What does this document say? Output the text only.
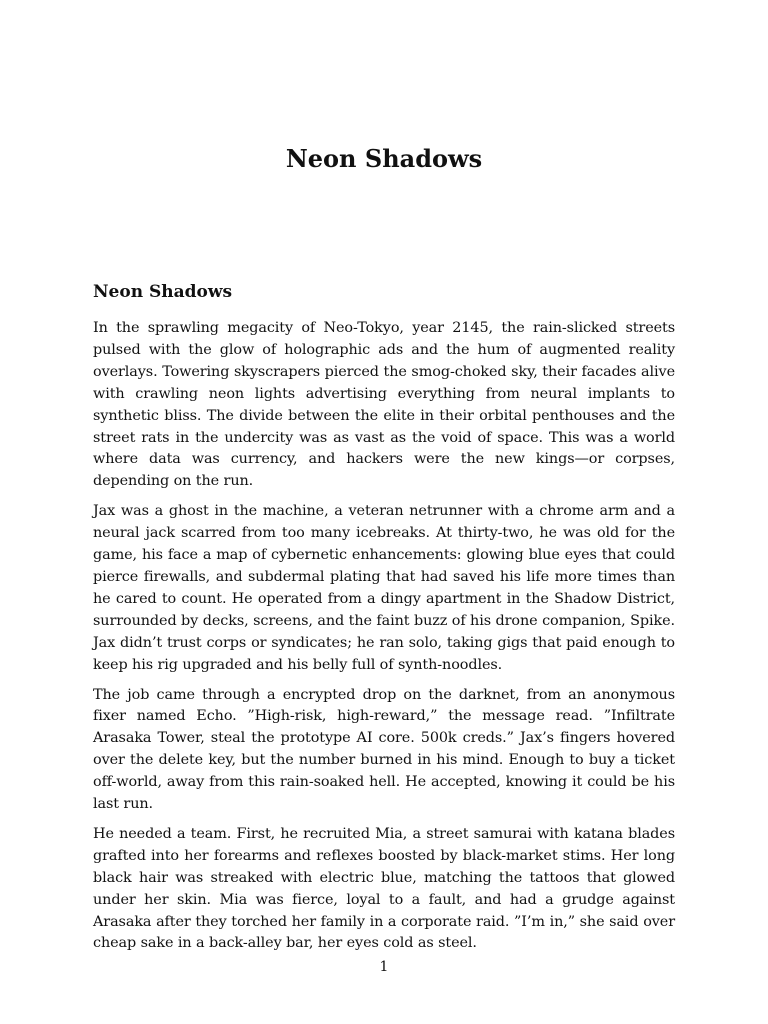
Neon Shadows
Neon Shadows

In the sprawling megacity of Neo-Tokyo, year 2145, the rain-slicked streets pulsed with the glow of holographic ads and the hum of augmented reality overlays. Towering skyscrapers pierced the smog-choked sky, their facades alive with crawling neon lights advertising everything from neural implants to synthetic bliss. The divide between the elite in their orbital penthouses and the street rats in the undercity was as vast as the void of space. This was a world where data was currency, and hackers were the new kings—or corpses, depending on the run.

Jax was a ghost in the machine, a veteran netrunner with a chrome arm and a neural jack scarred from too many icebreaks. At thirty-two, he was old for the game, his face a map of cybernetic enhancements: glowing blue eyes that could pierce firewalls, and subdermal plating that had saved his life more times than he cared to count. He operated from a dingy apartment in the Shadow District, surrounded by decks, screens, and the faint buzz of his drone companion, Spike. Jax didn’t trust corps or syndicates; he ran solo, taking gigs that paid enough to keep his rig upgraded and his belly full of synth-noodles.

The job came through a encrypted drop on the darknet, from an anonymous fixer named Echo. ”High-risk, high-reward,” the message read. ”Infiltrate Arasaka Tower, steal the prototype AI core. 500k creds.” Jax’s fingers hovered over the delete key, but the number burned in his mind. Enough to buy a ticket off-world, away from this rain-soaked hell. He accepted, knowing it could be his last run.

He needed a team. First, he recruited Mia, a street samurai with katana blades grafted into her forearms and reflexes boosted by black-market stims. Her long black hair was streaked with electric blue, matching the tattoos that glowed under her skin. Mia was fierce, loyal to a fault, and had a grudge against Arasaka after they torched her family in a corporate raid. ”I’m in,” she said over cheap sake in a back-alley bar, her eyes cold as steel.

1
